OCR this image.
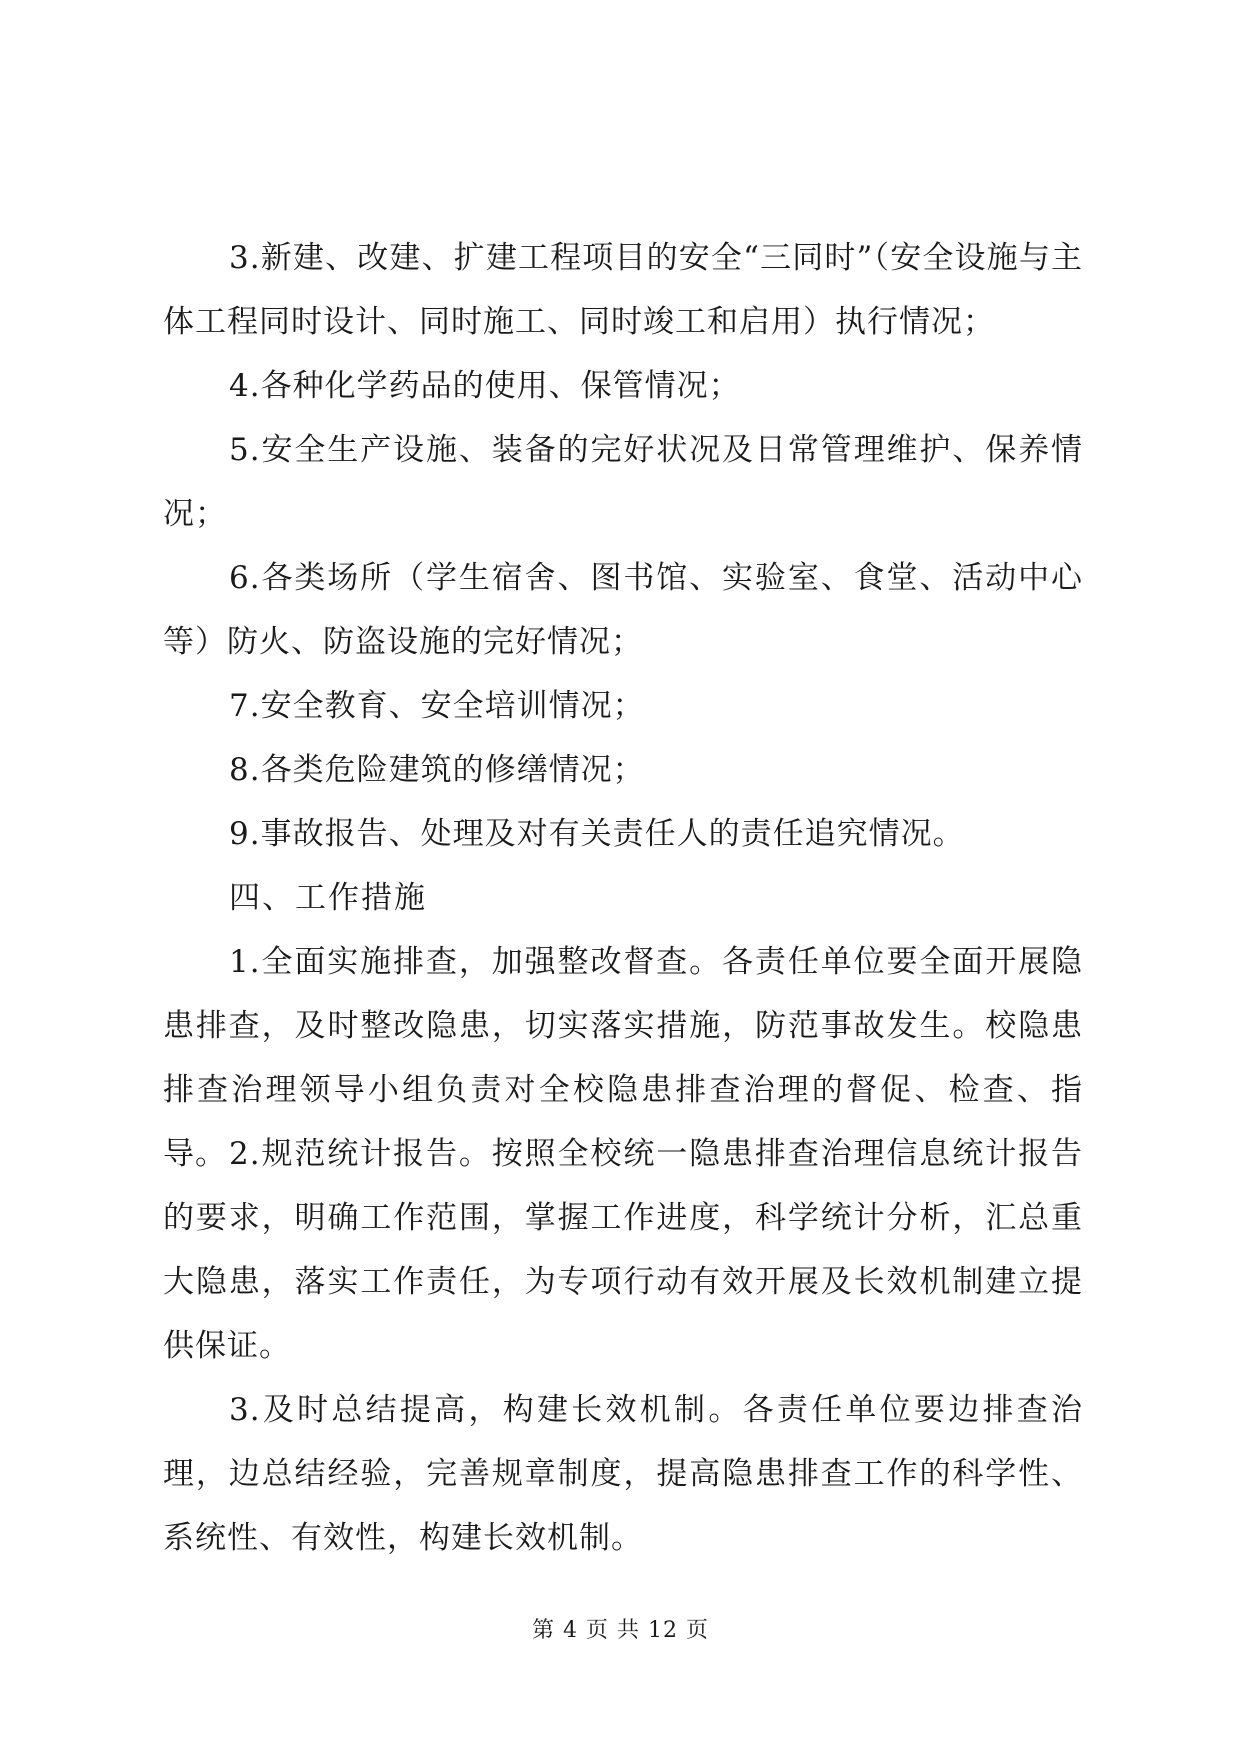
3.新建、改建、扩建工程项目的安全“三同时”（安全设施与主体工程同时设计、同时施工、同时竣工和启用）执行情况；

4.各种化学药品的使用、保管情况；

5.安全生产设施、装备的完好状况及日常管理维护、保养情况；

6.各类场所（学生宿舍、图书馆、实验室、食堂、活动中心等）防火、防盗设施的完好情况；

7.安全教育、安全培训情况；

8.各类危险建筑的修缮情况；

9.事故报告、处理及对有关责任人的责任追究情况。

四、工作措施

1.全面实施排查，加强整改督查。各责任单位要全面开展隐患排查，及时整改隐患，切实落实措施，防范事故发生。校隐患排查治理领导小组负责对全校隐患排查治理的督促、检查、指导。 2.规范统计报告。按照全校统一隐患排查治理信息统计报告的要求，明确工作范围，掌握工作进度，科学统计分析，汇总重大隐患，落实工作责任，为专项行动有效开展及长效机制建立提供保证。

3.及时总结提高，构建长效机制。各责任单位要边排查治理，边总结经验，完善规章制度，提高隐患排查工作的科学性、系统性、有效性，构建长效机制。

第 4 页 共 12 页
